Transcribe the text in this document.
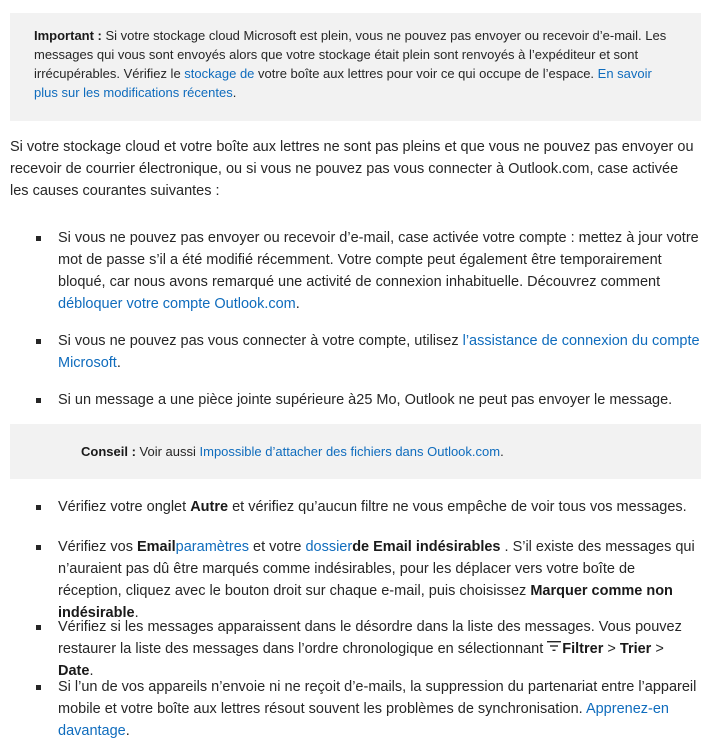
Important : Si votre stockage cloud Microsoft est plein, vous ne pouvez pas envoyer ou recevoir d’e-mail. Les messages qui vous sont envoyés alors que votre stockage était plein sont renvoyés à l’expéditeur et sont irrécupérables. Vérifiez le stockage de votre boîte aux lettres pour voir ce qui occupe de l’espace. En savoir plus sur les modifications récentes.

Si votre stockage cloud et votre boîte aux lettres ne sont pas pleins et que vous ne pouvez pas envoyer ou recevoir de courrier électronique, ou si vous ne pouvez pas vous connecter à Outlook.com, case activée les causes courantes suivantes :

Si vous ne pouvez pas envoyer ou recevoir d’e-mail, case activée votre compte : mettez à jour votre mot de passe s’il a été modifié récemment. Votre compte peut également être temporairement bloqué, car nous avons remarqué une activité de connexion inhabituelle. Découvrez comment débloquer votre compte Outlook.com.
Si vous ne pouvez pas vous connecter à votre compte, utilisez l’assistance de connexion du compte Microsoft.
Si un message a une pièce jointe supérieure à25 Mo, Outlook ne peut pas envoyer le message.
Conseil : Voir aussi Impossible d’attacher des fichiers dans Outlook.com.
Vérifiez votre onglet Autre et vérifiez qu’aucun filtre ne vous empêche de voir tous vos messages.
Vérifiez vos Emailparamètres et votre dossierde Email indésirables . S’il existe des messages qui n’auraient pas dû être marqués comme indésirables, pour les déplacer vers votre boîte de réception, cliquez avec le bouton droit sur chaque e-mail, puis choisissez Marquer comme non indésirable.
Vérifiez si les messages apparaissent dans le désordre dans la liste des messages. Vous pouvez restaurer la liste des messages dans l’ordre chronologique en sélectionnant Filtrer > Trier > Date.
Si l’un de vos appareils n’envoie ni ne reçoit d’e-mails, la suppression du partenariat entre l’appareil mobile et votre boîte aux lettres résout souvent les problèmes de synchronisation. Apprenez-en davantage.
